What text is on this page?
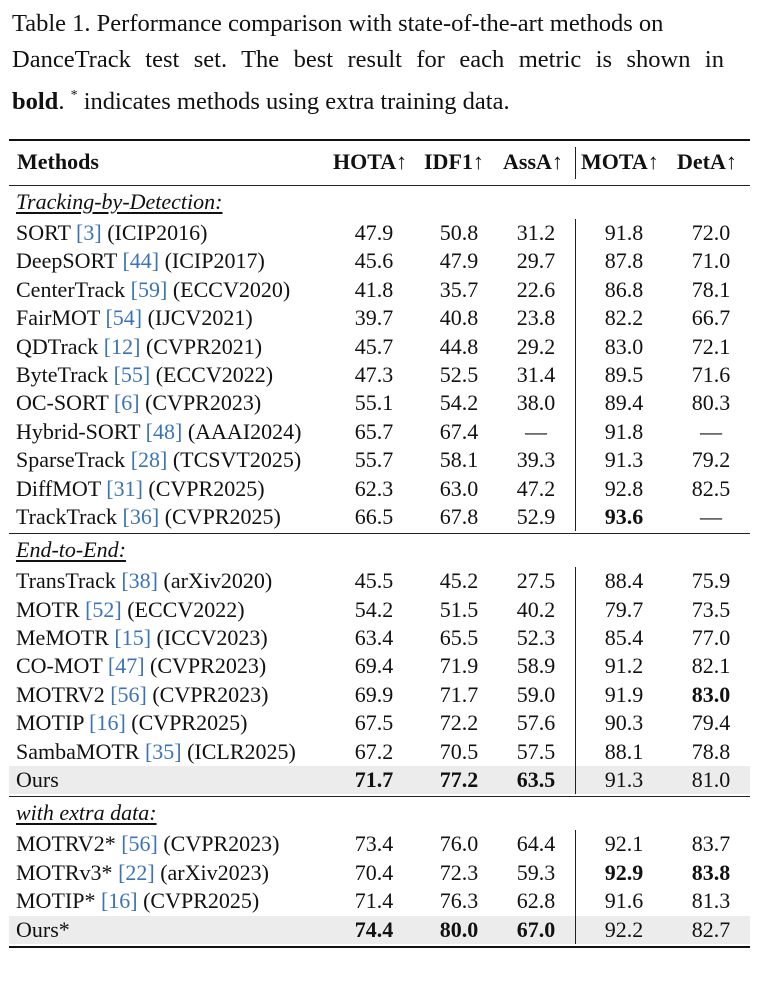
Table 1. Performance comparison with state-of-the-art methods on

DanceTrack test set. The best result for each metric is shown in

bold. * indicates methods using extra training data.

Methods	HOTA↑ IDF1↑ AssA↑ MOTA↑ DetA↑
Tracking-by-Detection:
SORT [3] (ICIP2016)	47.9	50.8	31.2	91.8	72.0
DeepSORT [44] (ICIP2017)	45.6	47.9	29.7	87.8	71.0
CenterTrack [59] (ECCV2020)	41.8	35.7	22.6	86.8	78.1
FairMOT [54] (IJCV2021)	39.7	40.8	23.8	82.2	66.7
QDTrack [12] (CVPR2021)	45.7	44.8	29.2	83.0	72.1
ByteTrack [55] (ECCV2022)	47.3	52.5	31.4	89.5	71.6
OC-SORT [6] (CVPR2023)	55.1	54.2	38.0	89.4	80.3
Hybrid-SORT [48] (AAAI2024)	65.7	67.4	—	91.8	—
SparseTrack [28] (TCSVT2025)	55.7	58.1	39.3	91.3	79.2
DiffMOT [31] (CVPR2025)	62.3	63.0	47.2	92.8	82.5
TrackTrack [36] (CVPR2025)	66.5	67.8	52.9	93.6	—
End-to-End:
TransTrack [38] (arXiv2020)	45.5	45.2	27.5	88.4	75.9
MOTR [52] (ECCV2022)	54.2	51.5	40.2	79.7	73.5
MeMOTR [15] (ICCV2023)	63.4	65.5	52.3	85.4	77.0
CO-MOT [47] (CVPR2023)	69.4	71.9	58.9	91.2	82.1
MOTRV2 [56] (CVPR2023)	69.9	71.7	59.0	91.9	83.0
MOTIP [16] (CVPR2025)	67.5	72.2	57.6	90.3	79.4
SambaMOTR [35] (ICLR2025)	67.2	70.5	57.5	88.1	78.8
Ours	71.7	77.2	63.5	91.3	81.0
with extra data:
MOTRV2* [56] (CVPR2023)	73.4	76.0	64.4	92.1	83.7
MOTRv3* [22] (arXiv2023)	70.4	72.3	59.3	92.9	83.8
MOTIP* [16] (CVPR2025)	71.4	76.3	62.8	91.6	81.3
Ours*	74.4	80.0	67.0	92.2	82.7
